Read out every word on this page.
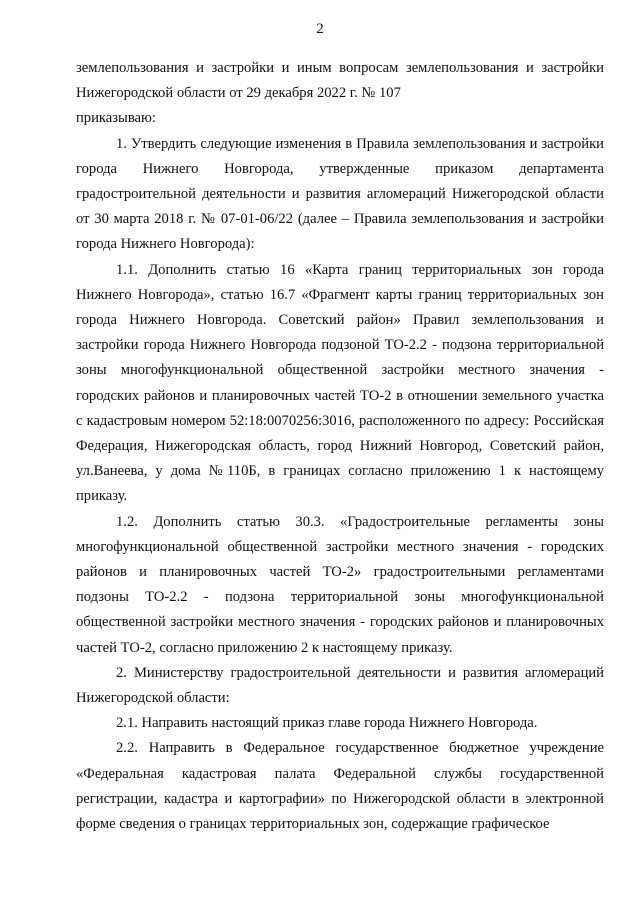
2

землепользования и застройки и иным вопросам землепользования и застройки Нижегородской области от 29 декабря 2022 г. № 107

приказываю:

1. Утвердить следующие изменения в Правила землепользования и застройки города Нижнего Новгорода, утвержденные приказом департамента градостроительной деятельности и развития агломераций Нижегородской области от 30 марта 2018 г. № 07-01-06/22 (далее – Правила землепользования и застройки города Нижнего Новгорода):

1.1. Дополнить статью 16 «Карта границ территориальных зон города Нижнего Новгорода», статью 16.7 «Фрагмент карты границ территориальных зон города Нижнего Новгорода. Советский район» Правил землепользования и застройки города Нижнего Новгорода подзоной ТО-2.2 - подзона территориальной зоны многофункциональной общественной застройки местного значения - городских районов и планировочных частей ТО-2 в отношении земельного участка с кадастровым номером 52:18:0070256:3016, расположенного по адресу: Российская Федерация, Нижегородская область, город Нижний Новгород, Советский район, ул.Ванеева, у дома №110Б, в границах согласно приложению 1 к настоящему приказу.

1.2. Дополнить статью 30.3. «Градостроительные регламенты зоны многофункциональной общественной застройки местного значения - городских районов и планировочных частей ТО-2» градостроительными регламентами подзоны ТО-2.2 - подзона территориальной зоны многофункциональной общественной застройки местного значения - городских районов и планировочных частей ТО-2, согласно приложению 2 к настоящему приказу.

2. Министерству градостроительной деятельности и развития агломераций Нижегородской области:

2.1. Направить настоящий приказ главе города Нижнего Новгорода.

2.2. Направить в Федеральное государственное бюджетное учреждение «Федеральная кадастровая палата Федеральной службы государственной регистрации, кадастра и картографии» по Нижегородской области в электронной форме сведения о границах территориальных зон, содержащие графическое
